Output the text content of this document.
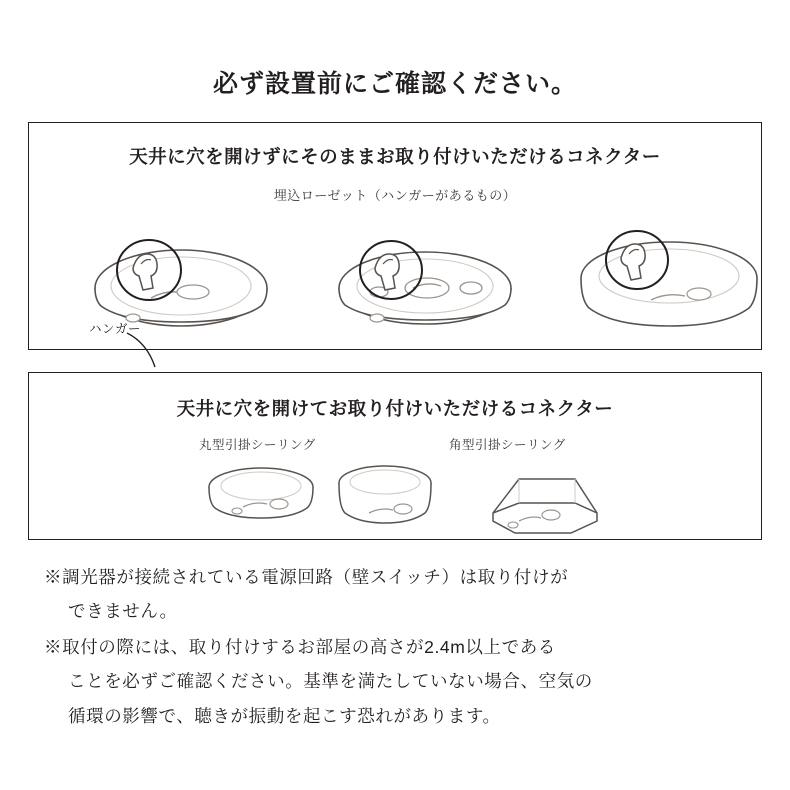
必ず設置前にご確認ください。
天井に穴を開けずにそのままお取り付けいただけるコネクター
埋込ローゼット（ハンガーがあるもの）
ハンガー
天井に穴を開けてお取り付けいただけるコネクター
丸型引掛シーリング	角型引掛シーリング
※調光器が接続されている電源回路（壁スイッチ）は取り付けが
できません。
※取付の際には、取り付けするお部屋の高さが2.4m以上である
ことを必ずご確認ください。基準を満たしていない場合、空気の
循環の影響で、聴きが振動を起こす恐れがあります。
